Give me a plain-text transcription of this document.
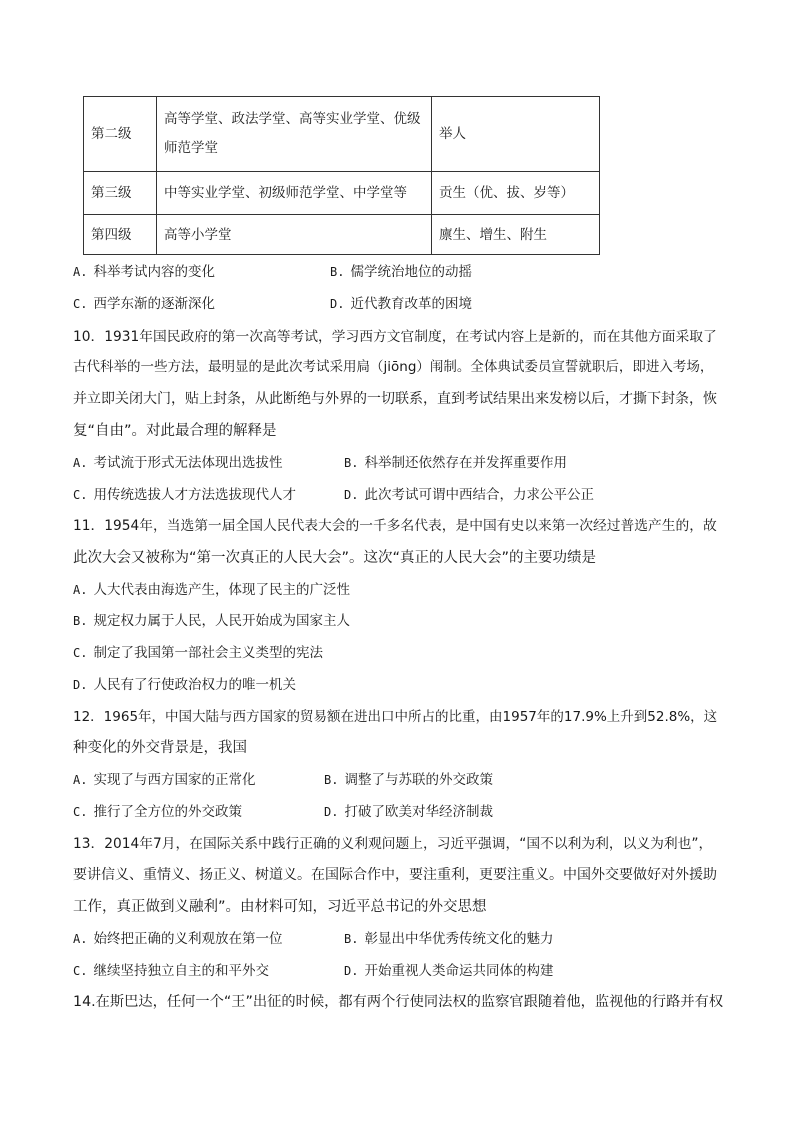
第二级	高等学堂、政法学堂、高等实业学堂、优级师范学堂	举人
第三级	中等实业学堂、初级师范学堂、中学堂等	贡生（优、拔、岁等）
第四级	高等小学堂	廪生、增生、附生
A. 科举考试内容的变化	B. 儒学统治地位的动摇
C. 西学东渐的逐渐深化	D. 近代教育改革的困境
10．1931年国民政府的第一次高等考试，学习西方文官制度，在考试内容上是新的，而在其他方面采取了
古代科举的一些方法，最明显的是此次考试采用扃（jiōng）闱制。全体典试委员宣誓就职后，即进入考场，
并立即关闭大门，贴上封条，从此断绝与外界的一切联系，直到考试结果出来发榜以后，才撕下封条，恢
复“自由”。对此最合理的解释是
A. 考试流于形式无法体现出选拔性	B. 科举制还依然存在并发挥重要作用
C. 用传统选拔人才方法选拔现代人才	D. 此次考试可谓中西结合，力求公平公正
11．1954年，当选第一届全国人民代表大会的一千多名代表，是中国有史以来第一次经过普选产生的，故
此次大会又被称为“第一次真正的人民大会”。这次“真正的人民大会”的主要功绩是
A. 人大代表由海选产生，体现了民主的广泛性
B. 规定权力属于人民，人民开始成为国家主人
C. 制定了我国第一部社会主义类型的宪法
D. 人民有了行使政治权力的唯一机关
12．1965年，中国大陆与西方国家的贸易额在进出口中所占的比重，由1957年的17.9%上升到52.8%，这
种变化的外交背景是，我国
A. 实现了与西方国家的正常化	B. 调整了与苏联的外交政策
C. 推行了全方位的外交政策	D. 打破了欧美对华经济制裁
13．2014年7月，在国际关系中践行正确的义利观问题上，习近平强调，“国不以利为利，以义为利也”，
要讲信义、重情义、扬正义、树道义。在国际合作中，要注重利，更要注重义。中国外交要做好对外援助
工作，真正做到义融利”。由材料可知，习近平总书记的外交思想
A. 始终把正确的义利观放在第一位	B. 彰显出中华优秀传统文化的魅力
C. 继续坚持独立自主的和平外交	D. 开始重视人类命运共同体的构建
14.在斯巴达，任何一个“王”出征的时候，都有两个行使同法权的监察官跟随着他，监视他的行路并有权
